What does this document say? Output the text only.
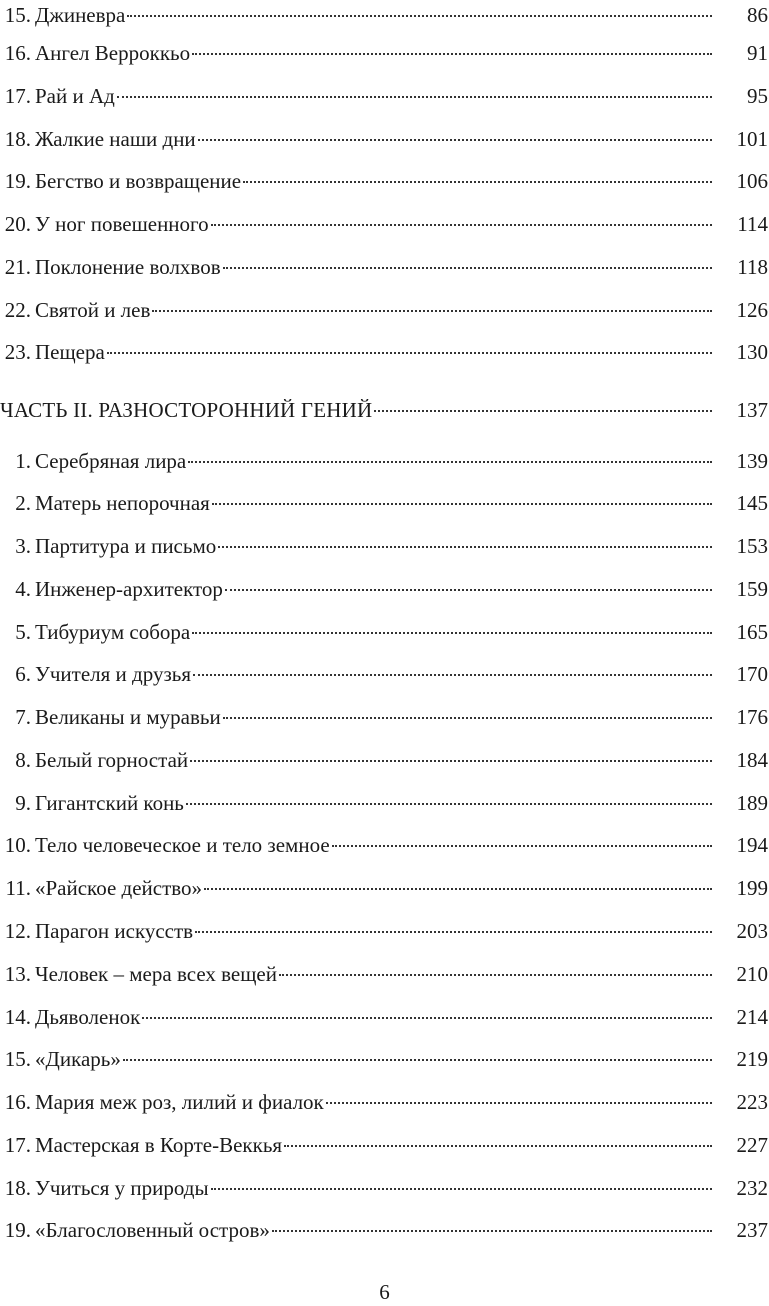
15. Джиневра	86
16. Ангел Верроккьо	91
17. Рай и Ад	95
18. Жалкие наши дни	101
19. Бегство и возвращение	106
20. У ног повешенного	114
21. Поклонение волхвов	118
22. Святой и лев	126
23. Пещера	130
ЧАСТЬ II. РАЗНОСТОРОННИЙ ГЕНИЙ	137
1. Серебряная лира	139
2. Матерь непорочная	145
3. Партитура и письмо	153
4. Инженер-архитектор	159
5. Тибуриум собора	165
6. Учителя и друзья	170
7. Великаны и муравьи	176
8. Белый горностай	184
9. Гигантский конь	189
10. Тело человеческое и тело земное	194
11. «Райское действо»	199
12. Парагон искусств	203
13. Человек – мера всех вещей	210
14. Дьяволенок	214
15. «Дикарь»	219
16. Мария меж роз, лилий и фиалок	223
17. Мастерская в Корте-Веккья	227
18. Учиться у природы	232
19. «Благословенный остров»	237
6
